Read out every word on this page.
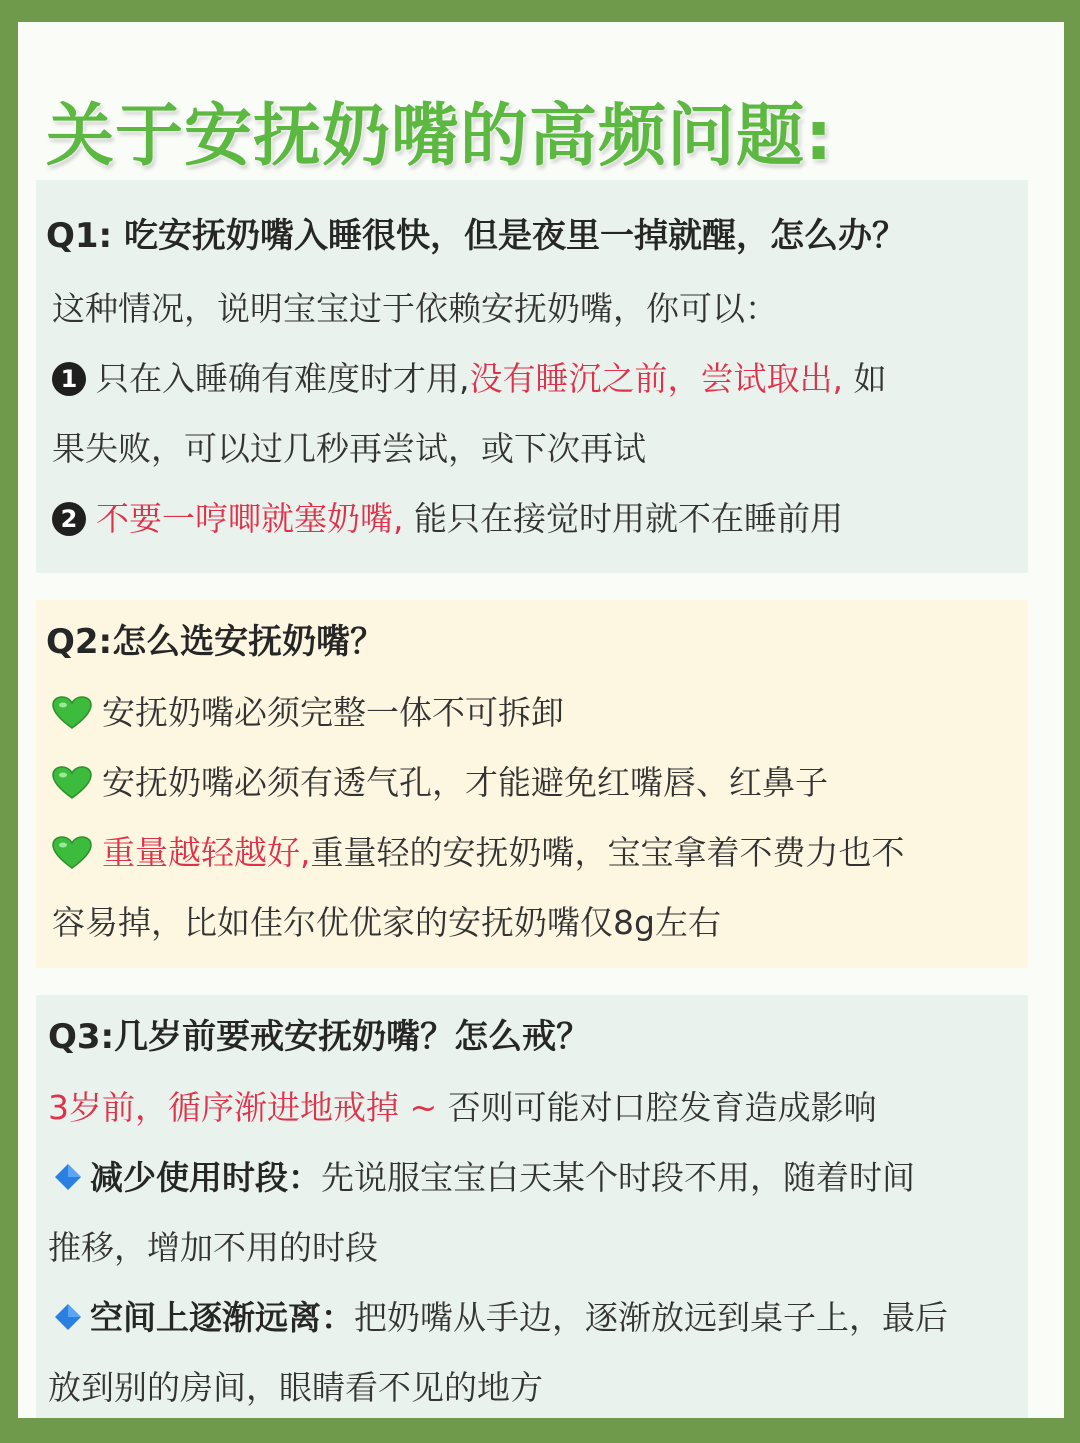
关于安抚奶嘴的高频问题:
Q1: 吃安抚奶嘴入睡很快，但是夜里一掉就醒，怎么办？
这种情况，说明宝宝过于依赖安抚奶嘴，你可以：
1 只在入睡确有难度时才用,没有睡沉之前，尝试取出, 如
果失败，可以过几秒再尝试，或下次再试
2 不要一哼唧就塞奶嘴, 能只在接觉时用就不在睡前用
Q2:怎么选安抚奶嘴？
安抚奶嘴必须完整一体不可拆卸
安抚奶嘴必须有透气孔，才能避免红嘴唇、红鼻子
重量越轻越好,重量轻的安抚奶嘴，宝宝拿着不费力也不
容易掉，比如佳尔优优家的安抚奶嘴仅8g左右
Q3:几岁前要戒安抚奶嘴？怎么戒？
3岁前，循序渐进地戒掉 ~ 否则可能对口腔发育造成影响
减少使用时段：先说服宝宝白天某个时段不用，随着时间
推移，增加不用的时段
空间上逐渐远离：把奶嘴从手边，逐渐放远到桌子上，最后
放到别的房间，眼睛看不见的地方
